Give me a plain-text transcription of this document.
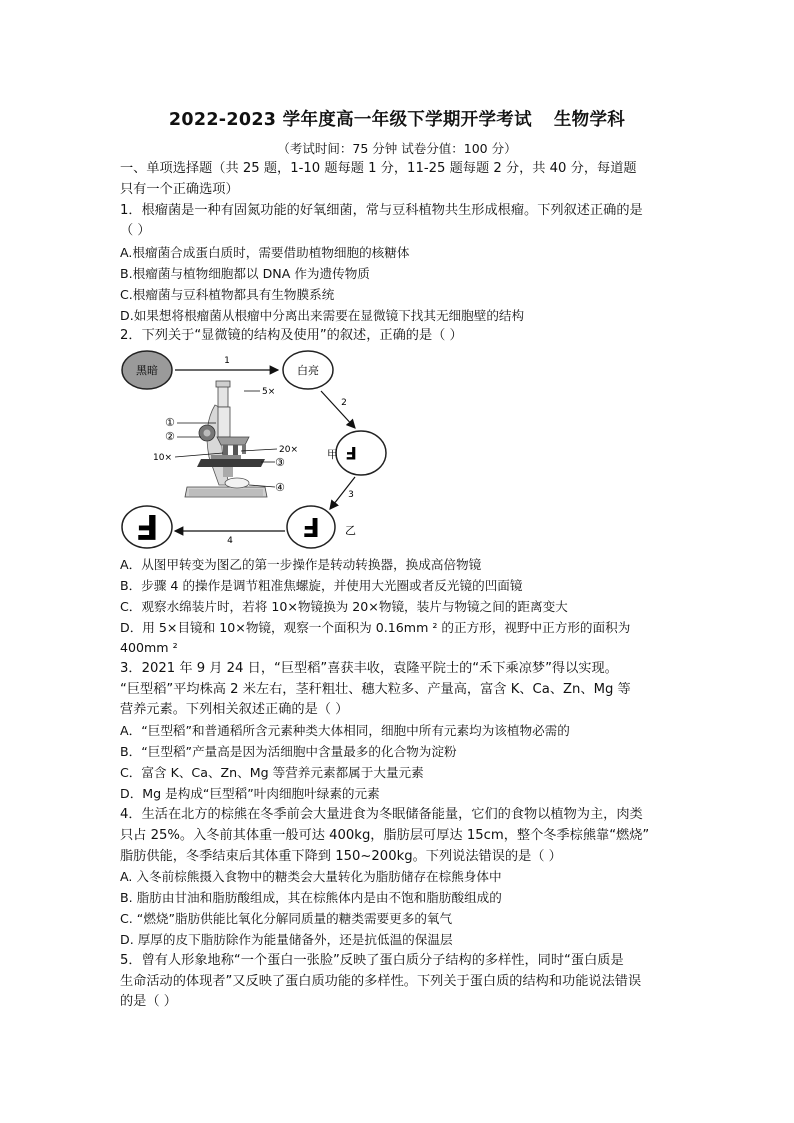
2022-2023 学年度高一年级下学期开学考试 生物学科
（考试时间：75 分钟 试卷分值：100 分）
一、单项选择题（共 25 题，1-10 题每题 1 分，11-25 题每题 2 分，共 40 分，每道题
只有一个正确选项）
1．根瘤菌是一种有固氮功能的好氧细菌，常与豆科植物共生形成根瘤。下列叙述正确的是
（ ）
A.根瘤菌合成蛋白质时，需要借助植物细胞的核糖体
B.根瘤菌与植物细胞都以 DNA 作为遗传物质
C.根瘤菌与豆科植物都具有生物膜系统
D.如果想将根瘤菌从根瘤中分离出来需要在显微镜下找其无细胞壁的结构
2．下列关于“显微镜的结构及使用”的叙述，正确的是（ ）
黑暗
1
白亮
2
F
甲
3
F 乙
4
F
5×
①
②
10×
20×
③
④
A．从图甲转变为图乙的第一步操作是转动转换器，换成高倍物镜
B．步骤 4 的操作是调节粗准焦螺旋，并使用大光圈或者反光镜的凹面镜
C．观察水绵装片时，若将 10×物镜换为 20×物镜，装片与物镜之间的距离变大
D．用 5×目镜和 10×物镜，观察一个面积为 0.16mm ² 的正方形，视野中正方形的面积为
400mm ²
3．2021 年 9 月 24 日，“巨型稻”喜获丰收，袁隆平院士的“禾下乘凉梦”得以实现。
“巨型稻”平均株高 2 米左右，茎秆粗壮、穗大粒多、产量高，富含 K、Ca、Zn、Mg 等
营养元素。下列相关叙述正确的是（ ）
A．“巨型稻”和普通稻所含元素种类大体相同，细胞中所有元素均为该植物必需的
B．“巨型稻”产量高是因为活细胞中含量最多的化合物为淀粉
C．富含 K、Ca、Zn、Mg 等营养元素都属于大量元素
D．Mg 是构成“巨型稻”叶肉细胞叶绿素的元素
4．生活在北方的棕熊在冬季前会大量进食为冬眠储备能量，它们的食物以植物为主，肉类
只占 25%。入冬前其体重一般可达 400kg，脂肪层可厚达 15cm，整个冬季棕熊靠“燃烧”
脂肪供能，冬季结束后其体重下降到 150~200kg。下列说法错误的是（ ）
A. 入冬前棕熊摄入食物中的糖类会大量转化为脂肪储存在棕熊身体中
B. 脂肪由甘油和脂肪酸组成，其在棕熊体内是由不饱和脂肪酸组成的
C. “燃烧”脂肪供能比氧化分解同质量的糖类需要更多的氧气
D. 厚厚的皮下脂肪除作为能量储备外，还是抗低温的保温层
5．曾有人形象地称“一个蛋白一张脸”反映了蛋白质分子结构的多样性，同时“蛋白质是
生命活动的体现者”又反映了蛋白质功能的多样性。下列关于蛋白质的结构和功能说法错误
的是（ ）
